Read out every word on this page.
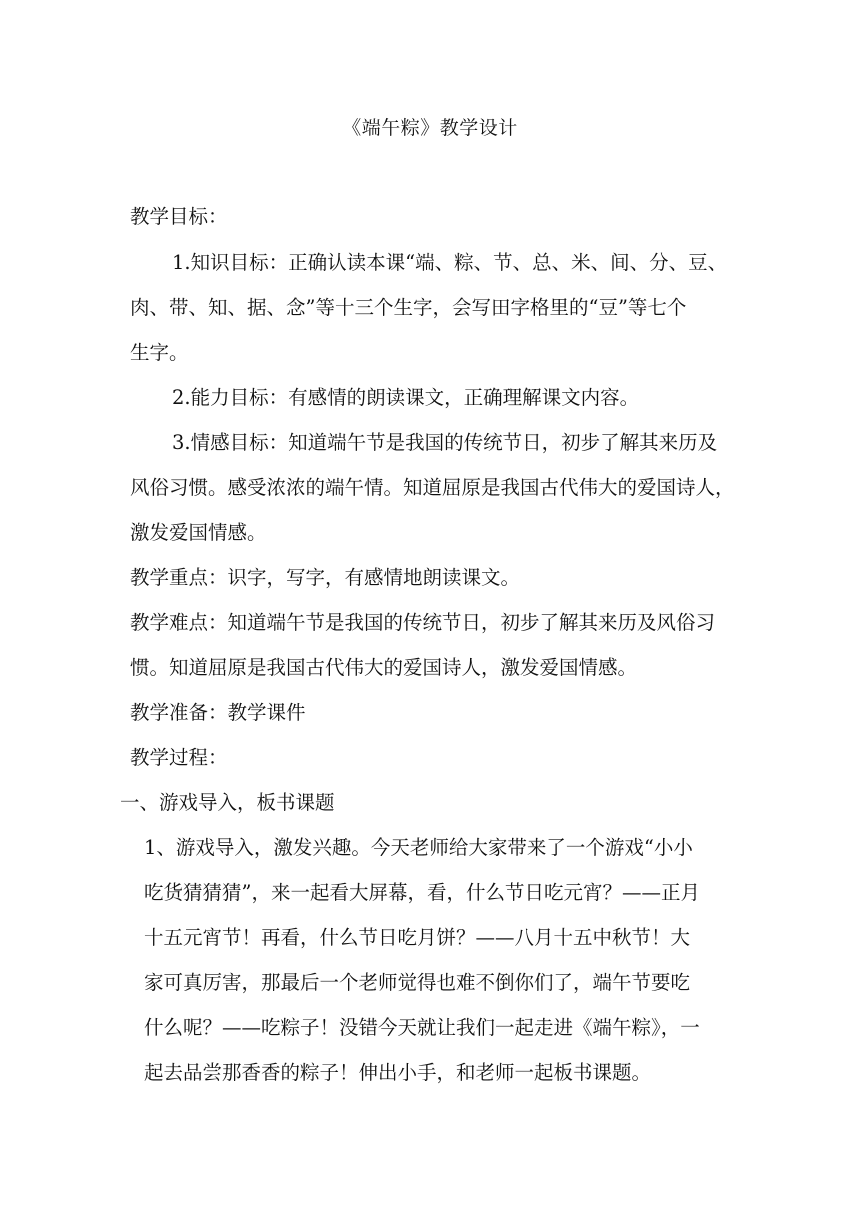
《端午粽》教学设计
教学目标：
1.知识目标：正确认读本课“端、粽、节、总、米、间、分、豆、
肉、带、知、据、念”等十三个生字，会写田字格里的“豆”等七个
生字。
2.能力目标：有感情的朗读课文，正确理解课文内容。
3.情感目标：知道端午节是我国的传统节日，初步了解其来历及
风俗习惯。感受浓浓的端午情。知道屈原是我国古代伟大的爱国诗人，
激发爱国情感。
教学重点：识字，写字，有感情地朗读课文。
教学难点：知道端午节是我国的传统节日，初步了解其来历及风俗习
惯。知道屈原是我国古代伟大的爱国诗人，激发爱国情感。
教学准备：教学课件
教学过程：
一、游戏导入，板书课题
1、游戏导入，激发兴趣。今天老师给大家带来了一个游戏“小小
吃货猜猜猜”，来一起看大屏幕，看，什么节日吃元宵？——正月
十五元宵节！再看，什么节日吃月饼？——八月十五中秋节！大
家可真厉害，那最后一个老师觉得也难不倒你们了，端午节要吃
什么呢？——吃粽子！没错今天就让我们一起走进《端午粽》，一
起去品尝那香香的粽子！伸出小手，和老师一起板书课题。
